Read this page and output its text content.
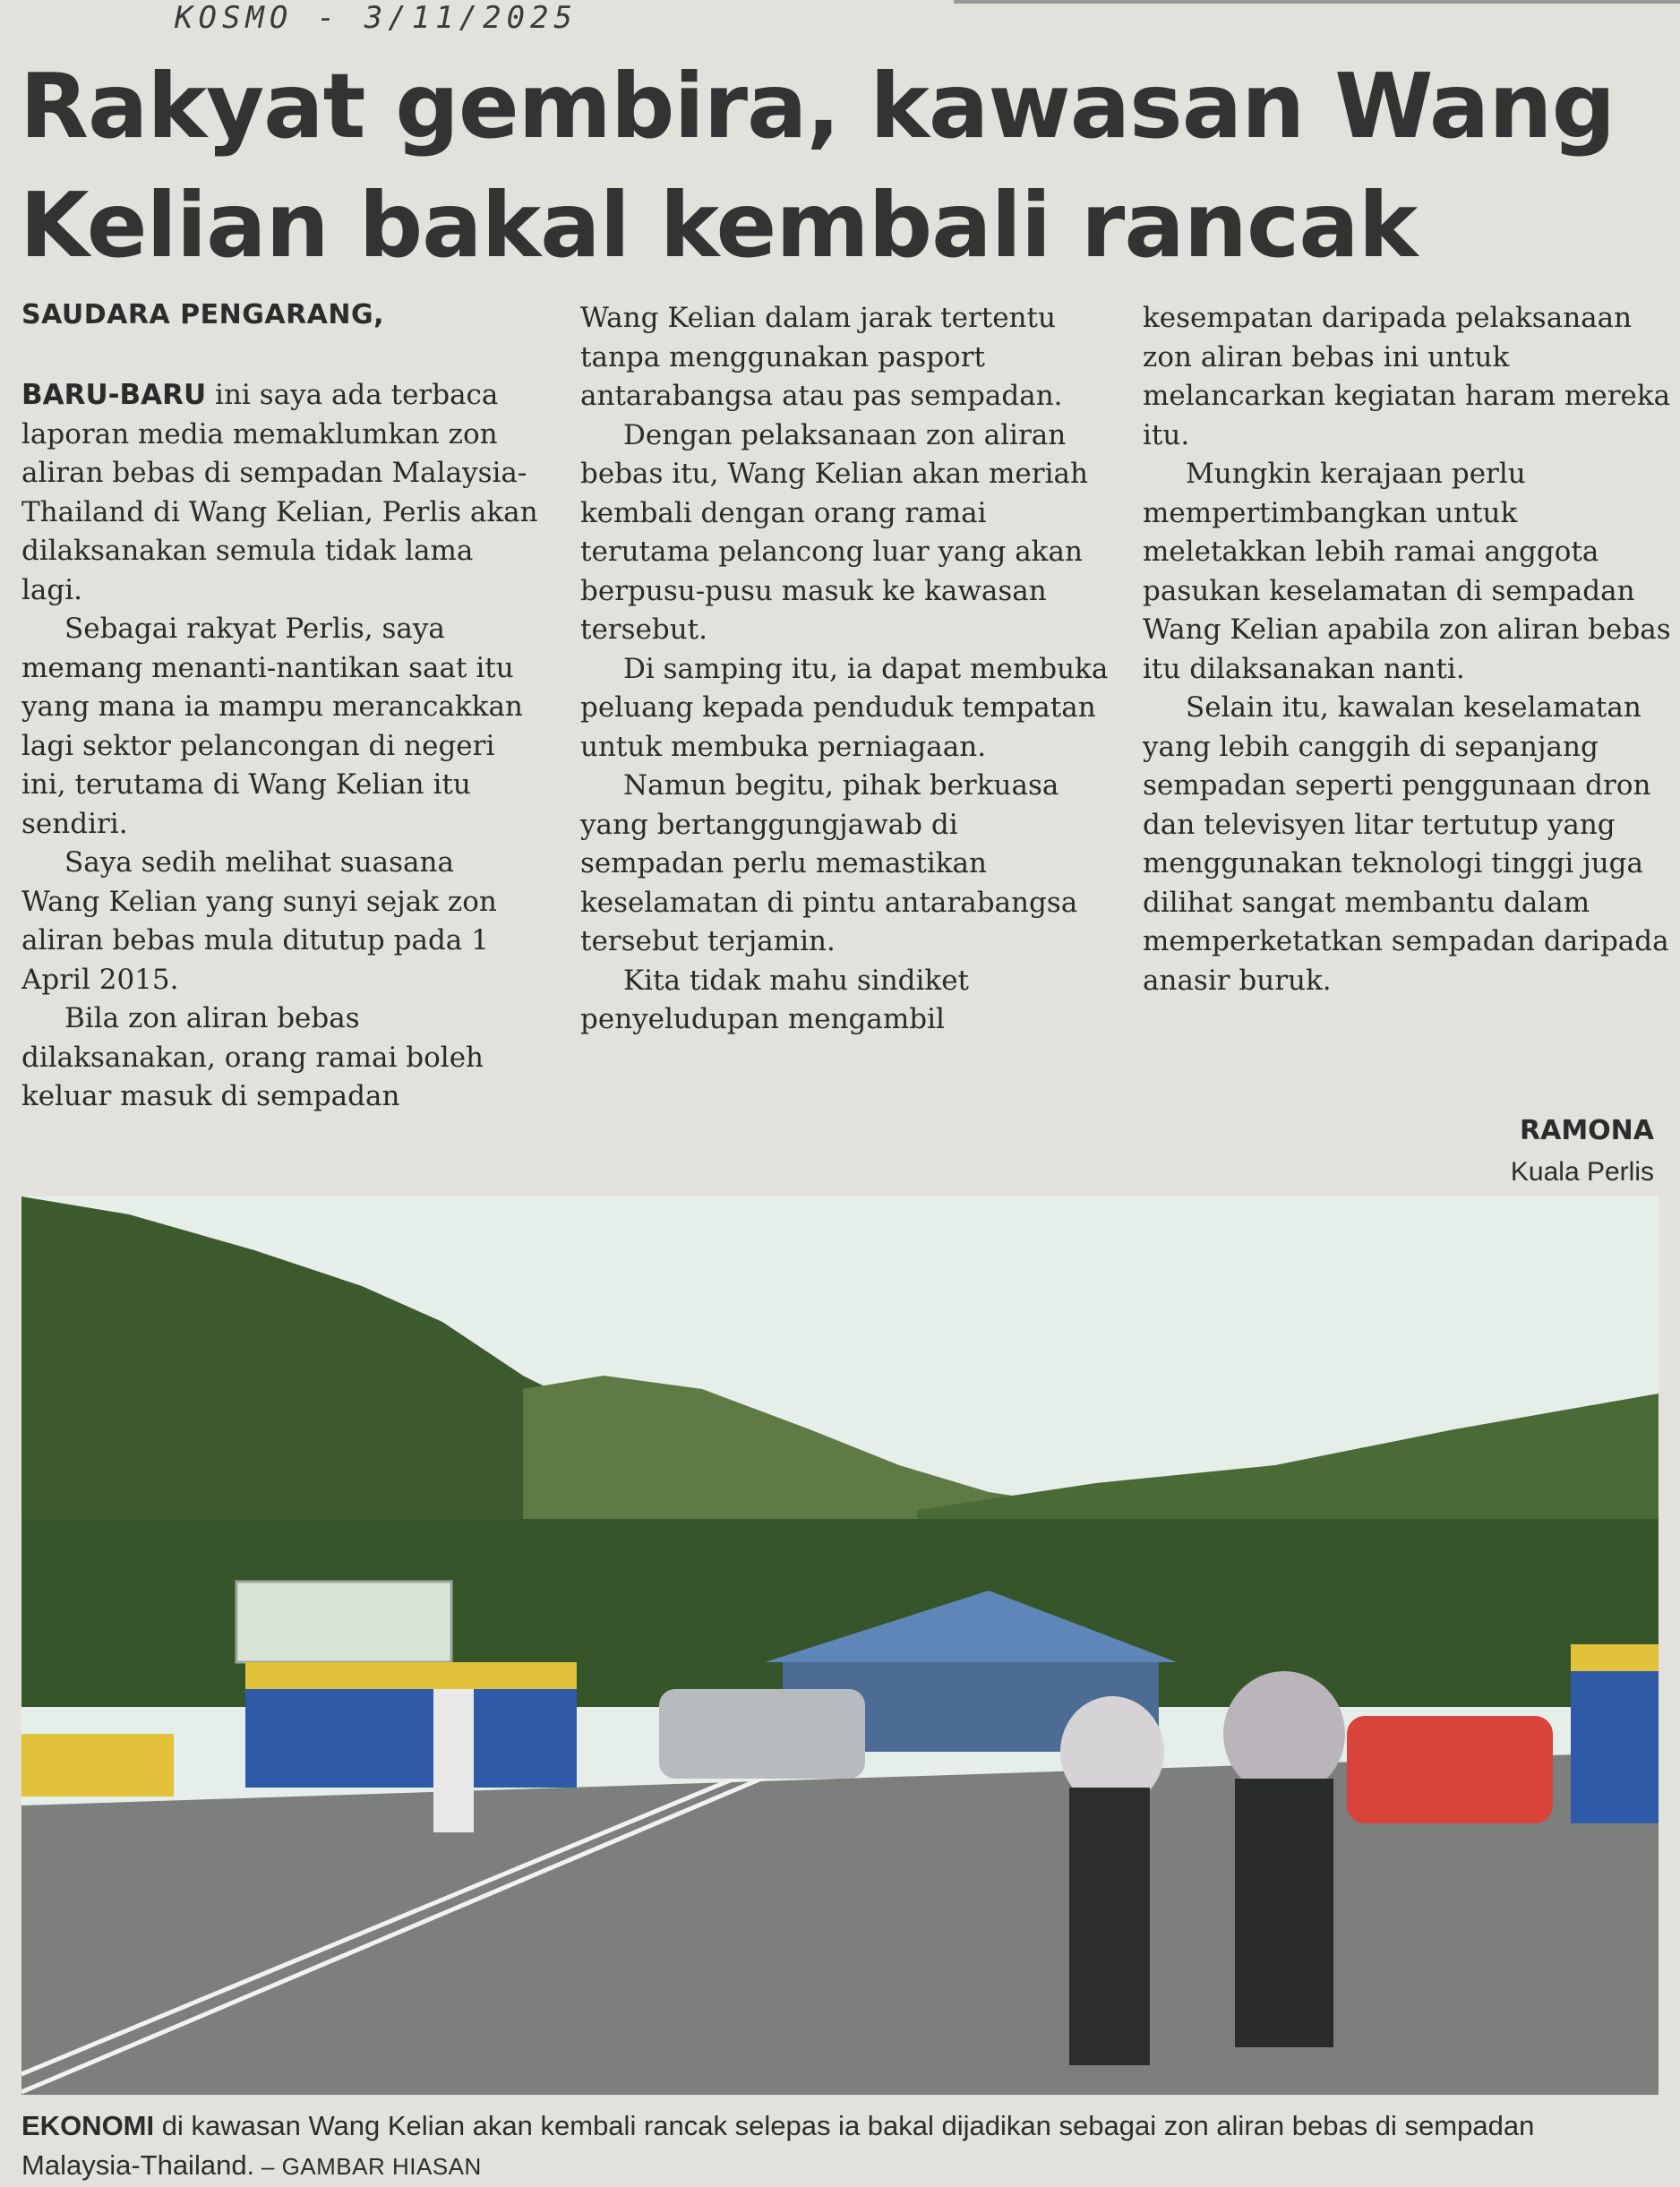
KOSMO - 3/11/2025
Rakyat gembira, kawasan Wang
Kelian bakal kembali rancak
SAUDARA PENGARANG,

BARU-BARU ini saya ada terbaca laporan media memaklumkan zon aliran bebas di sempadan Malaysia-Thailand di Wang Kelian, Perlis akan dilaksanakan semula tidak lama lagi.

Sebagai rakyat Perlis, saya memang menanti-nantikan saat itu yang mana ia mampu merancakkan lagi sektor pelancongan di negeri ini, terutama di Wang Kelian itu sendiri.

Saya sedih melihat suasana Wang Kelian yang sunyi sejak zon aliran bebas mula ditutup pada 1 April 2015.

Bila zon aliran bebas dilaksanakan, orang ramai boleh keluar masuk di sempadan

Wang Kelian dalam jarak tertentu tanpa menggunakan pasport antarabangsa atau pas sempadan.

Dengan pelaksanaan zon aliran bebas itu, Wang Kelian akan meriah kembali dengan orang ramai terutama pelancong luar yang akan berpusu-pusu masuk ke kawasan tersebut.

Di samping itu, ia dapat membuka peluang kepada penduduk tempatan untuk membuka perniagaan.

Namun begitu, pihak berkuasa yang bertanggungjawab di sempadan perlu memastikan keselamatan di pintu antarabangsa tersebut terjamin.

Kita tidak mahu sindiket penyeludupan mengambil

kesempatan daripada pelaksanaan zon aliran bebas ini untuk melancarkan kegiatan haram mereka itu.

Mungkin kerajaan perlu mempertimbangkan untuk meletakkan lebih ramai anggota pasukan keselamatan di sempadan Wang Kelian apabila zon aliran bebas itu dilaksanakan nanti.

Selain itu, kawalan keselamatan yang lebih canggih di sepanjang sempadan seperti penggunaan dron dan televisyen litar tertutup yang menggunakan teknologi tinggi juga dilihat sangat membantu dalam memperketatkan sempadan daripada anasir buruk.

RAMONA
Kuala Perlis
EKONOMI di kawasan Wang Kelian akan kembali rancak selepas ia bakal dijadikan sebagai zon aliran bebas di sempadan Malaysia-Thailand. – GAMBAR HIASAN
